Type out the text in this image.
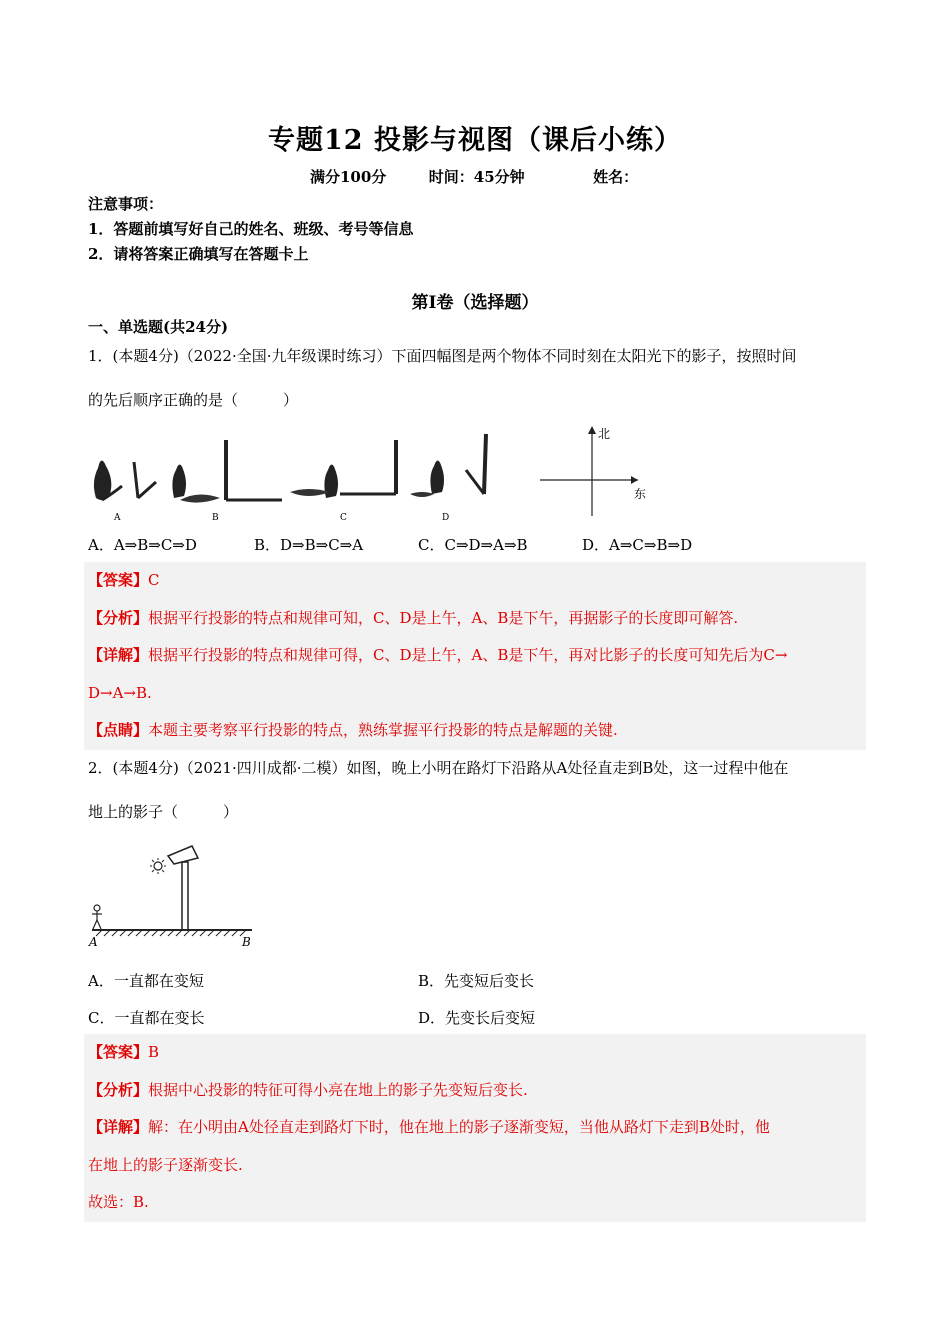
专题12 投影与视图（课后小练）
满分100分	时间：45分钟	姓名：
注意事项：
1．答题前填写好自己的姓名、班级、考号等信息
2．请将答案正确填写在答题卡上
第Ⅰ卷（选择题）
一、单选题(共24分)
1．(本题4分)（2022·全国·九年级课时练习）下面四幅图是两个物体不同时刻在太阳光下的影子，按照时间
的先后顺序正确的是（　　　）
A	B	C	D
北
东
A．A⇒B⇒C⇒D	B．D⇒B⇒C⇒A	C．C⇒D⇒A⇒B	D．A⇒C⇒B⇒D

【答案】C

【分析】根据平行投影的特点和规律可知，C、D是上午，A、B是下午，再据影子的长度即可解答.

【详解】根据平行投影的特点和规律可得，C、D是上午，A、B是下午，再对比影子的长度可知先后为C→

D→A→B.

【点睛】本题主要考察平行投影的特点，熟练掌握平行投影的特点是解题的关键.

2．(本题4分)（2021·四川成都·二模）如图，晚上小明在路灯下沿路从A处径直走到B处，这一过程中他在
地上的影子（　　　）
A	B
A．一直都在变短	B．先变短后变长
C．一直都在变长	D．先变长后变短

【答案】B

【分析】根据中心投影的特征可得小亮在地上的影子先变短后变长.

【详解】解：在小明由A处径直走到路灯下时，他在地上的影子逐渐变短，当他从路灯下走到B处时，他

在地上的影子逐渐变长.

故选：B.
